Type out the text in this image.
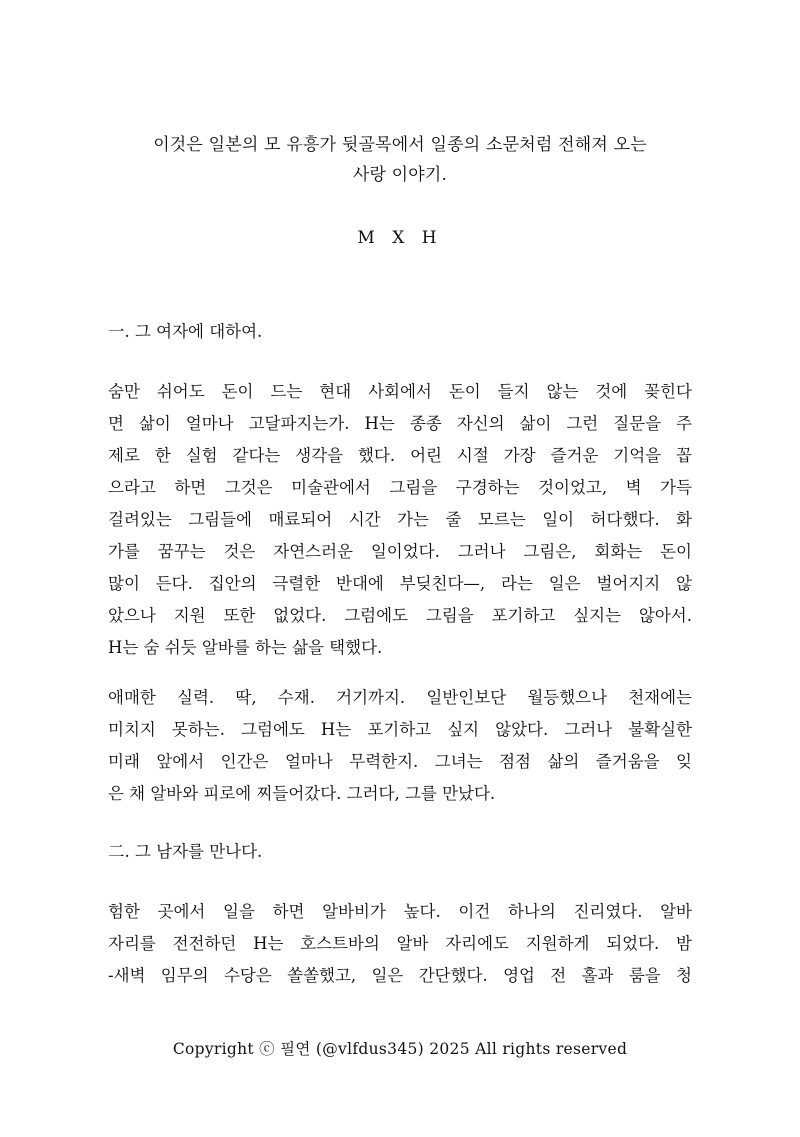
이것은 일본의 모 유흥가 뒷골목에서 일종의 소문처럼 전해져 오는
사랑 이야기.
M X H
一. 그 여자에 대하여.
숨만 쉬어도 돈이 드는 현대 사회에서 돈이 들지 않는 것에 꽂힌다
면 삶이 얼마나 고달파지는가. H는 종종 자신의 삶이 그런 질문을 주
제로 한 실험 같다는 생각을 했다. 어린 시절 가장 즐거운 기억을 꼽
으라고 하면 그것은 미술관에서 그림을 구경하는 것이었고, 벽 가득
걸려있는 그림들에 매료되어 시간 가는 줄 모르는 일이 허다했다. 화
가를 꿈꾸는 것은 자연스러운 일이었다. 그러나 그림은, 회화는 돈이
많이 든다. 집안의 극렬한 반대에 부딪친다—, 라는 일은 벌어지지 않
았으나 지원 또한 없었다. 그럼에도 그림을 포기하고 싶지는 않아서.
H는 숨 쉬듯 알바를 하는 삶을 택했다.
애매한 실력. 딱, 수재. 거기까지. 일반인보단 월등했으나 천재에는
미치지 못하는. 그럼에도 H는 포기하고 싶지 않았다. 그러나 불확실한
미래 앞에서 인간은 얼마나 무력한지. 그녀는 점점 삶의 즐거움을 잊
은 채 알바와 피로에 찌들어갔다. 그러다, 그를 만났다.
二. 그 남자를 만나다.
험한 곳에서 일을 하면 알바비가 높다. 이건 하나의 진리였다. 알바
자리를 전전하던 H는 호스트바의 알바 자리에도 지원하게 되었다. 밤
-새벽 임무의 수당은 쏠쏠했고, 일은 간단했다. 영업 전 홀과 룸을 청
Copyright ⓒ 필연 (@vlfdus345) 2025 All rights reserved
